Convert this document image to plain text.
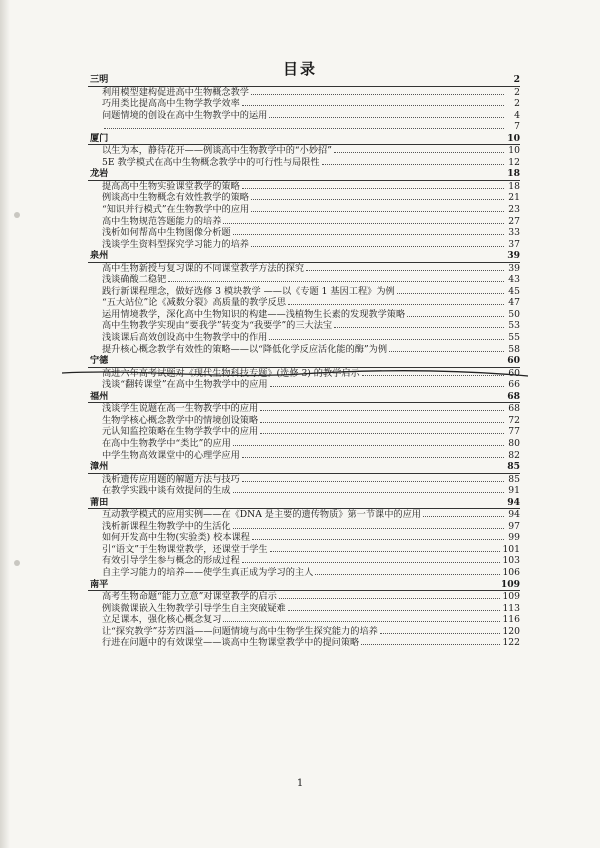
目录
三明	2
利用模型建构促进高中生物概念教学	2
巧用类比提高高中生物学教学效率	2
问题情境的创设在高中生物教学中的运用	4
7
厦门	10
以生为本，静待花开——例谈高中生物教学中的“小妙招”	10
5E 教学模式在高中生物概念教学中的可行性与局限性	12
龙岩	18
提高高中生物实验课堂教学的策略	18
例谈高中生物概念有效性教学的策略	21
“知识并行模式”在生物教学中的应用	23
高中生物规范答题能力的培养	27
浅析如何帮高中生物图像分析题	33
浅谈学生资料型探究学习能力的培养	37
泉州	39
高中生物新授与复习课的不同课堂教学方法的探究	39
浅谈确酸二稳钯	43
践行新课程理念，做好选修 3 模块教学 ——以《专题 1 基因工程》为例	45
“五大站位”论《减数分裂》高质量的教学反思	47
运用情境教学，深化高中生物知识的构建——浅植物生长素的发现教学策略	50
高中生物教学实现由“要我学”转变为“我要学”的三大法宝	53
浅谈课后高效创设高中生物教学中的作用	55
提升核心概念教学有效性的策略——以“降低化学反应活化能的酶”为例	58
宁德	60
高进六年高考试题对《现代生物科技专题》(选修 3) 的教学启示	60
浅谈“翻转课堂”在高中生物教学中的应用	66
福州	68
浅谈学生说题在高一生物教学中的应用	68
生物学核心概念教学中的情境创设策略	72
元认知监控策略在生物学教学中的应用	77
在高中生物教学中“类比”的应用	80
中学生物高效课堂中的心理学应用	82
漳州	85
浅析遗传应用题的解题方法与技巧	85
在教学实践中谈有效提问的生成	91
莆田	94
互动教学模式的应用实例——在《DNA 是主要的遗传物质》第一节课中的应用	94
浅析新课程生物教学中的生活化	97
如何开发高中生物(实验类) 校本课程	99
引“语文”于生物课堂教学，还课堂于学生	101
有效引导学生参与概念的形成过程	103
自主学习能力的培养——使学生真正成为学习的主人	106
南平	109
高考生物命题“能力立意”对课堂教学的启示	109
例谈微课嵌入生物教学引导学生自主突破疑难	113
立足课本，强化核心概念复习	116
让“探究教学”芬芳四溢——问题情境与高中生物学生探究能力的培养	120
行进在问题中的有效课堂——谈高中生物课堂教学中的提问策略	122
1
